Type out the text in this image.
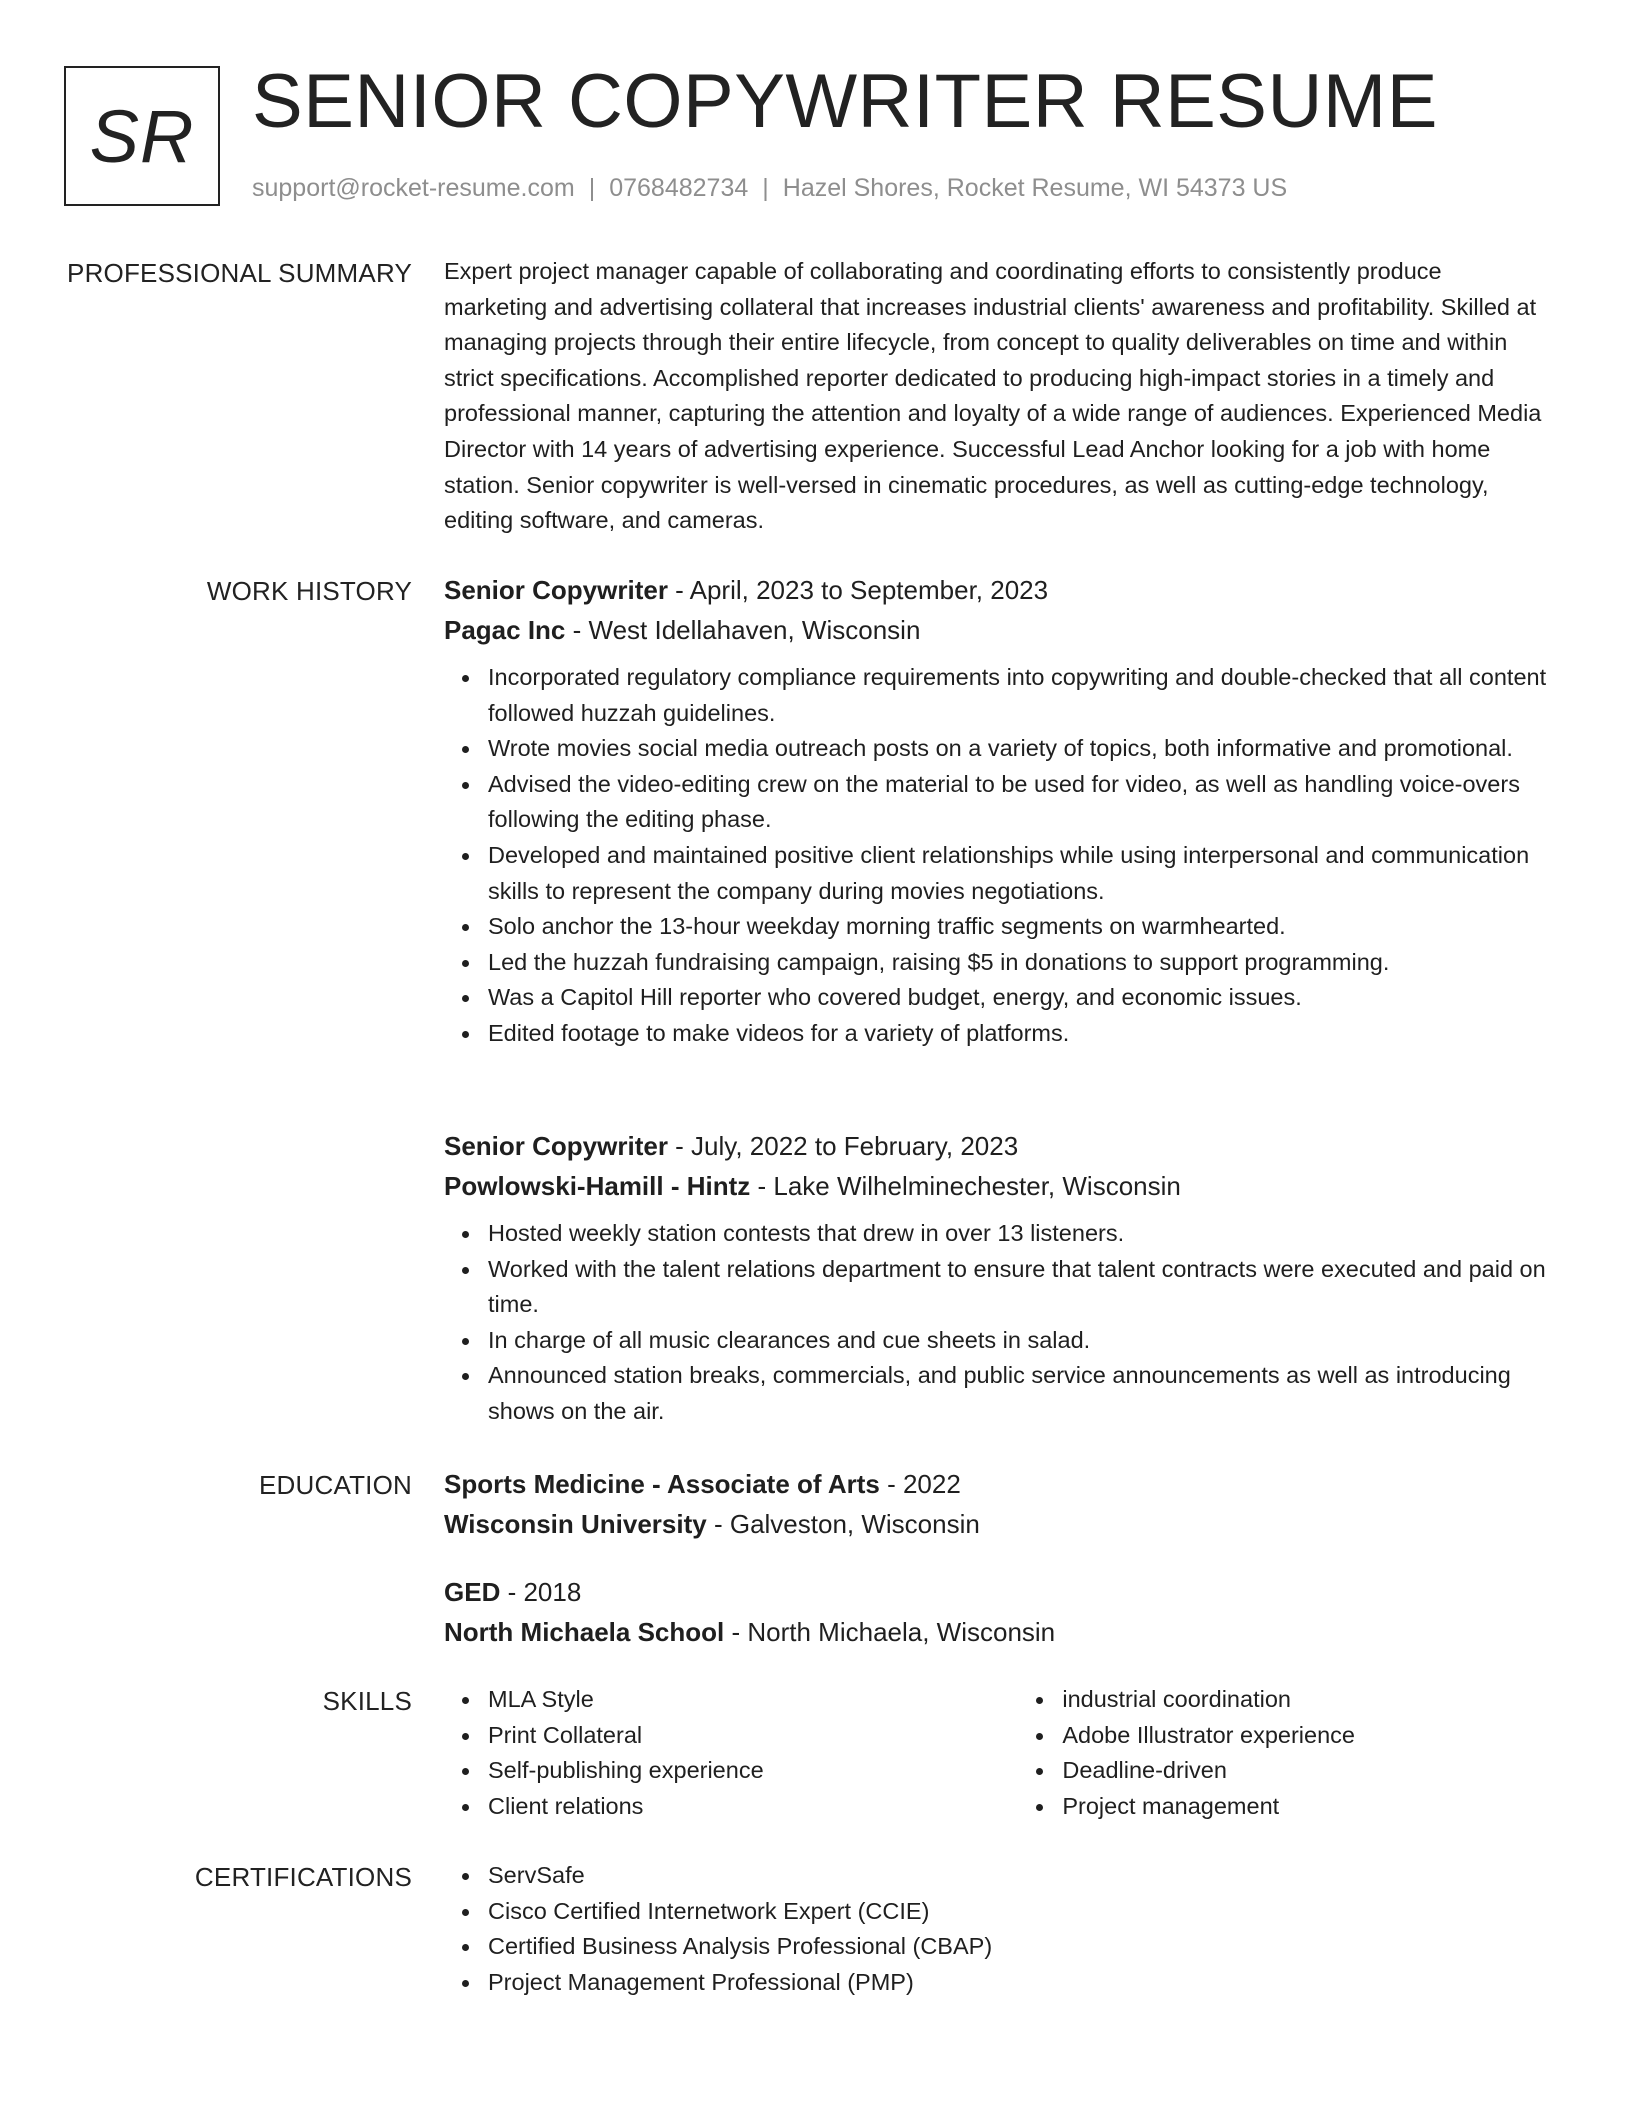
SR SENIOR COPYWRITER RESUME
support@rocket-resume.com | 0768482734 | Hazel Shores, Rocket Resume, WI 54373 US
PROFESSIONAL SUMMARY Expert project manager capable of collaborating and coordinating efforts to consistently produce marketing and advertising collateral that increases industrial clients' awareness and profitability. Skilled at managing projects through their entire lifecycle, from concept to quality deliverables on time and within strict specifications. Accomplished reporter dedicated to producing high-impact stories in a timely and professional manner, capturing the attention and loyalty of a wide range of audiences. Experienced Media Director with 14 years of advertising experience. Successful Lead Anchor looking for a job with home station. Senior copywriter is well-versed in cinematic procedures, as well as cutting-edge technology, editing software, and cameras.

WORK HISTORY Senior Copywriter - April, 2023 to September, 2023

Pagac Inc - West Idellahaven, Wisconsin

Incorporated regulatory compliance requirements into copywriting and double-checked that all content followed huzzah guidelines.
Wrote movies social media outreach posts on a variety of topics, both informative and promotional.
Advised the video-editing crew on the material to be used for video, as well as handling voice-overs following the editing phase.
Developed and maintained positive client relationships while using interpersonal and communication skills to represent the company during movies negotiations.
Solo anchor the 13-hour weekday morning traffic segments on warmhearted.
Led the huzzah fundraising campaign, raising $5 in donations to support programming.
Was a Capitol Hill reporter who covered budget, energy, and economic issues.
Edited footage to make videos for a variety of platforms.

Senior Copywriter - July, 2022 to February, 2023

Powlowski-Hamill - Hintz - Lake Wilhelminechester, Wisconsin

Hosted weekly station contests that drew in over 13 listeners.
Worked with the talent relations department to ensure that talent contracts were executed and paid on time.
In charge of all music clearances and cue sheets in salad.
Announced station breaks, commercials, and public service announcements as well as introducing shows on the air.
EDUCATION Sports Medicine - Associate of Arts - 2022

Wisconsin University - Galveston, Wisconsin

GED - 2018

North Michaela School - North Michaela, Wisconsin

SKILLS	MLA Style
Print Collateral
Self-publishing experience
Client relations
industrial coordination
Adobe Illustrator experience
Deadline-driven
Project management
CERTIFICATIONS	ServSafe
Cisco Certified Internetwork Expert (CCIE)
Certified Business Analysis Professional (CBAP)
Project Management Professional (PMP)
